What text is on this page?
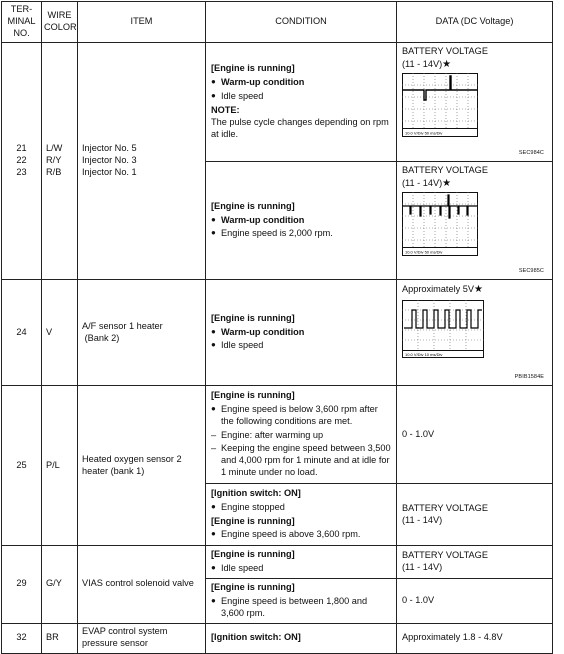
TER-
MINAL
NO.	WIRE
COLOR	ITEM	CONDITION	DATA (DC Voltage)
21
22
23	L/W
R/Y
R/B	Injector No. 5
Injector No. 3
Injector No. 1	[Engine is running]
● Warm-up condition
● Idle speed
NOTE:
The pulse cycle changes depending on rpm at idle.	BATTERY VOLTAGE
(11 - 14V)★
10.0 V/Div 50 ms/Div
SEC984C

			[Engine is running]
● Warm-up condition
● Engine speed is 2,000 rpm.	BATTERY VOLTAGE
(11 - 14V)★
10.0 V/Div 50 ms/Div
SEC985C

24	V	A/F sensor 1 heater
(Bank 2)	[Engine is running]
● Warm-up condition
● Idle speed	Approximately 5V★
10.0 V/Div 10 ms/Div
PBIB1584E

25	P/L	Heated oxygen sensor 2
heater (bank 1)	[Engine is running]
● Engine speed is below 3,600 rpm after the following conditions are met.
– Engine: after warming up
– Keeping the engine speed between 3,500 and 4,000 rpm for 1 minute and at idle for 1 minute under no load.	0 - 1.0V

			[Ignition switch: ON]
● Engine stopped
[Engine is running]
● Engine speed is above 3,600 rpm.	BATTERY VOLTAGE
(11 - 14V)
29	G/Y	VIAS control solenoid valve	[Engine is running]
● Idle speed	BATTERY VOLTAGE
(11 - 14V)

			[Engine is running]
● Engine speed is between 1,800 and 3,600 rpm.	0 - 1.0V
32	BR	EVAP control system pressure sensor	[Ignition switch: ON]	Approximately 1.8 - 4.8V
